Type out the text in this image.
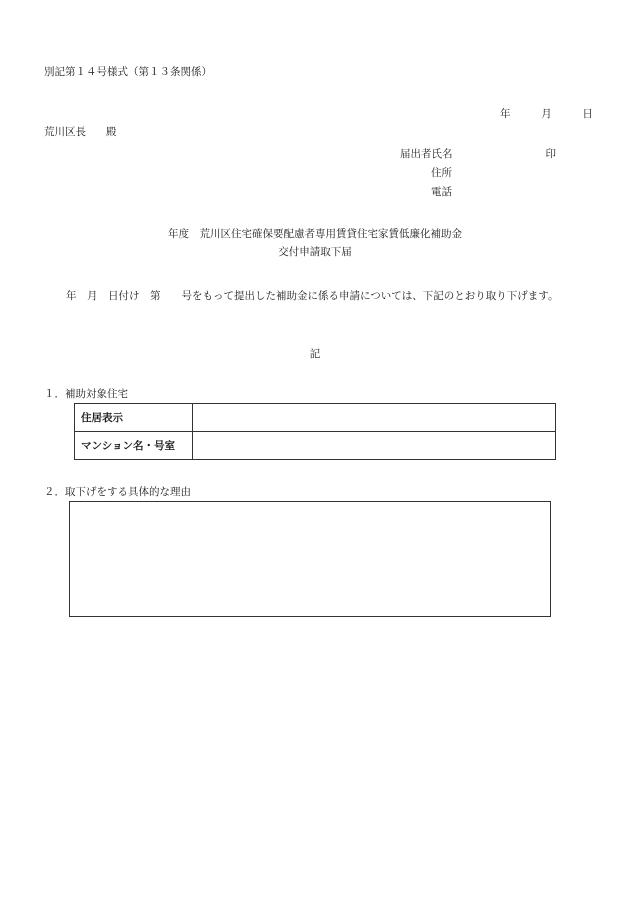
別記第１４号様式（第１３条関係）
年	月	日
荒川区長 殿
届出者氏名	印
住所
電話
年度　荒川区住宅確保要配慮者専用賃貸住宅家賃低廉化補助金
交付申請取下届
年　月　日付け　第　　号をもって提出した補助金に係る申請については、下記のとおり取り下げます。
記
１．補助対象住宅
住居表示	
マンション名・号室	
２．取下げをする具体的な理由
